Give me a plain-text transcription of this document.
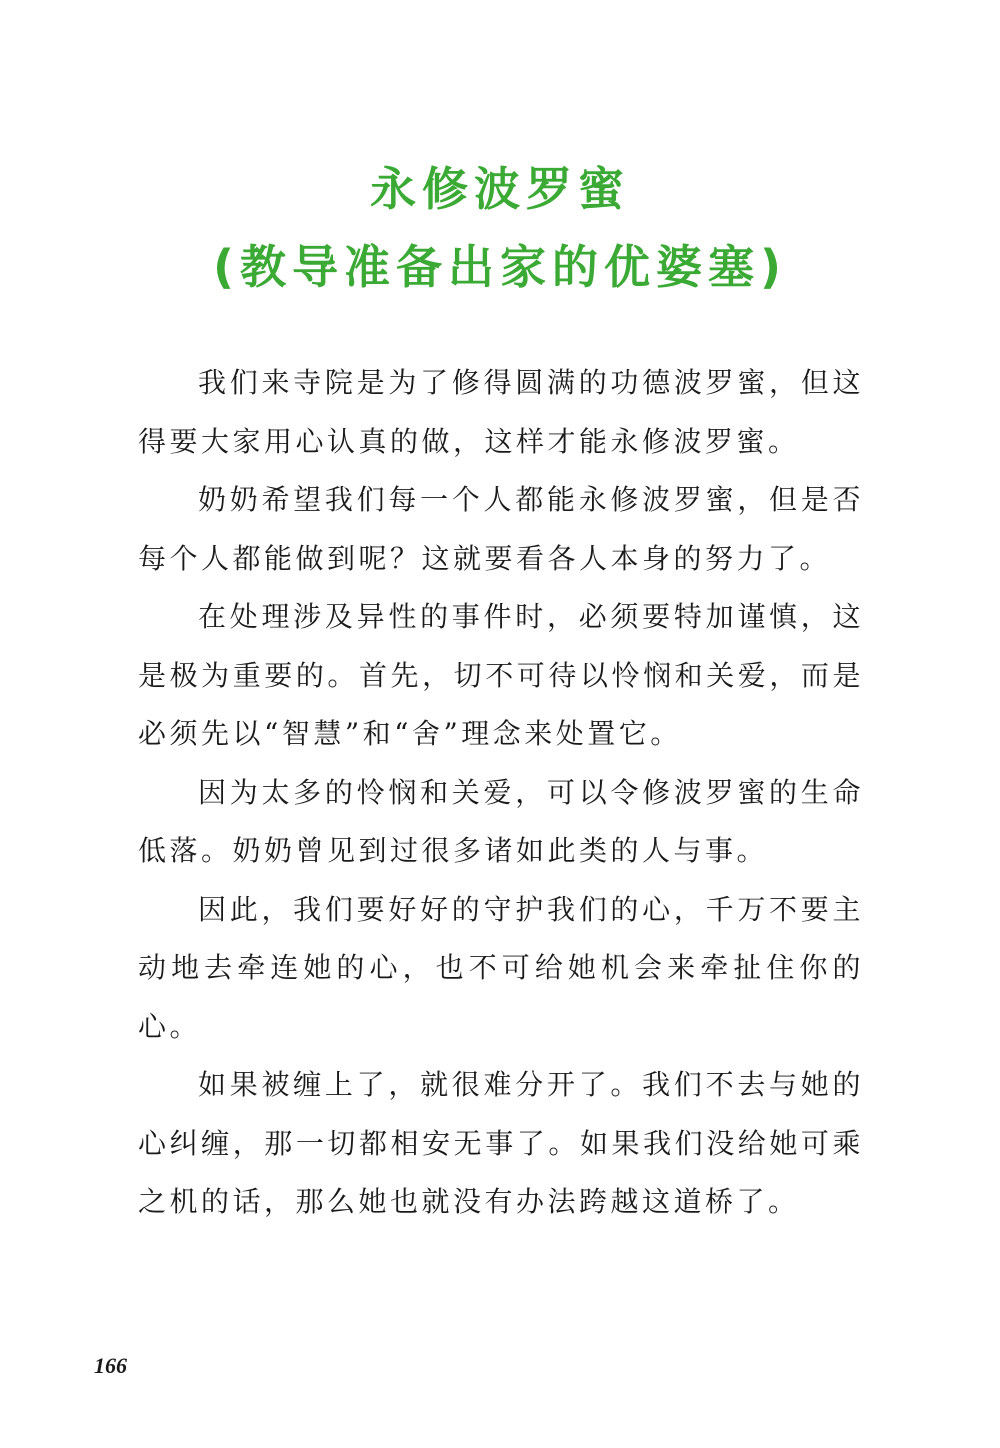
永修波罗蜜
(教导准备出家的优婆塞)

我们来寺院是为了修得圆满的功德波罗蜜，但这得要大家用心认真的做，这样才能永修波罗蜜。

奶奶希望我们每一个人都能永修波罗蜜，但是否每个人都能做到呢？这就要看各人本身的努力了。

在处理涉及异性的事件时，必须要特加谨慎，这是极为重要的。首先，切不可待以怜悯和关爱，而是必须先以“智慧”和“舍”理念来处置它。

因为太多的怜悯和关爱，可以令修波罗蜜的生命低落。奶奶曾见到过很多诸如此类的人与事。

因此，我们要好好的守护我们的心，千万不要主动地去牵连她的心，也不可给她机会来牵扯住你的心。

如果被缠上了，就很难分开了。我们不去与她的心纠缠，那一切都相安无事了。如果我们没给她可乘之机的话，那么她也就没有办法跨越这道桥了。

166
